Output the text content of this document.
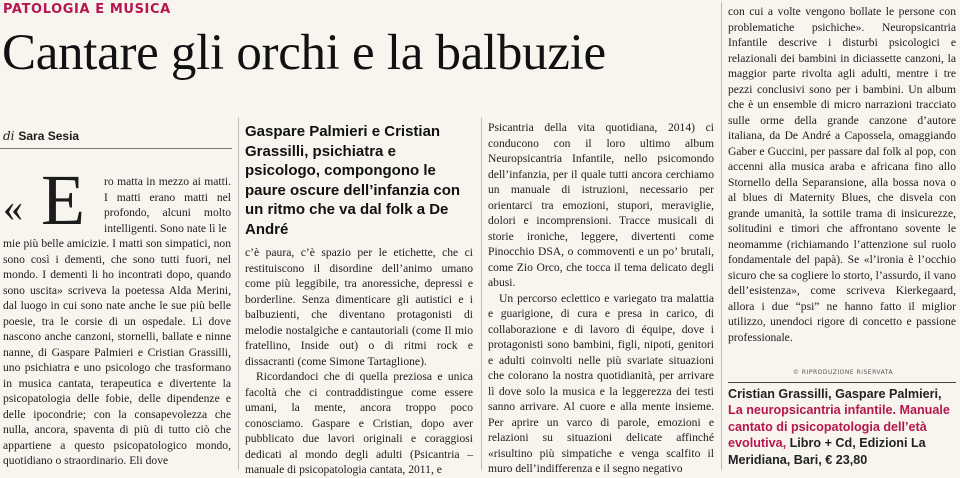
PATOLOGIA E MUSICA
Cantare gli orchi e la balbuzie
di Sara Sesia
« E ro matta in mezzo ai matti. I matti erano matti nel profondo, alcuni molto intelligenti. Sono nate lì le
mie più belle amicizie. I matti son simpatici, non sono così i dementi, che sono tutti fuori, nel mondo. I dementi li ho incontrati dopo, quando sono uscita» scriveva la poetessa Alda Merini, dal luogo in cui sono nate anche le sue più belle poesie, tra le corsie di un ospedale. Lì dove nascono anche canzoni, stornelli, ballate e ninne nanne, di Gaspare Palmieri e Cristian Grassilli, uno psichiatra e uno psicologo che trasformano in musica cantata, terapeutica e divertente la psicopatologia delle fobie, delle dipendenze e delle ipocondrie; con la consapevolezza che nulla, ancora, spaventa di più di tutto ciò che appartiene a questo psicopatologico mondo, quotidiano o straordinario. Eli dove
Gaspare Palmieri e Cristian Grassilli, psichiatra e psicologo, compongono le paure oscure dell’infanzia con un ritmo che va dal folk a De André

c’è paura, c’è spazio per le etichette, che ci restituiscono il disordine dell’animo umano come più leggibile, tra anoressiche, depressi e borderline. Senza dimenticare gli autistici e i balbuzienti, che diventano protagonisti di melodie nostalgiche e cantautoriali (come Il mio fratellino, Inside out) o di ritmi rock e dissacranti (come Simone Tartaglione).

Ricordandoci che di quella preziosa e unica facoltà che ci contraddistingue come essere umani, la mente, ancora troppo poco conosciamo. Gaspare e Cristian, dopo aver pubblicato due lavori originali e coraggiosi dedicati al mondo degli adulti (Psicantria – manuale di psicopatologia cantata, 2011, e

Psicantria della vita quotidiana, 2014) ci conducono con il loro ultimo album Neuropsicantria Infantile, nello psicomondo dell’infanzia, per il quale tutti ancora cerchiamo un manuale di istruzioni, necessario per orientarci tra emozioni, stupori, meraviglie, dolori e incomprensioni. Tracce musicali di storie ironiche, leggere, divertenti come Pinocchio DSA, o commoventi e un po’ brutali, come Zio Orco, che tocca il tema delicato degli abusi.

Un percorso eclettico e variegato tra malattia e guarigione, di cura e presa in carico, di collaborazione e di lavoro di équipe, dove i protagonisti sono bambini, figli, nipoti, genitori e adulti coinvolti nelle più svariate situazioni che colorano la nostra quotidianità, per arrivare lì dove solo la musica e la leggerezza dei testi sanno arrivare. Al cuore e alla mente insieme. Per aprire un varco di parole, emozioni e relazioni su situazioni delicate affinché «risultino più simpatiche e venga scalfito il muro dell’indifferenza e il segno negativo

con cui a volte vengono bollate le persone con problematiche psichiche». Neuropsicantria Infantile descrive i disturbi psicologici e relazionali dei bambini in diciassette canzoni, la maggior parte rivolta agli adulti, mentre i tre pezzi conclusivi sono per i bambini. Un album che è un ensemble di micro narrazioni tracciato sulle orme della grande canzone d’autore italiana, da De André a Capossela, omaggiando Gaber e Guccini, per passare dal folk al pop, con accenni alla musica araba e africana fino allo Stornello della Separansione, alla bossa nova o al blues di Maternity Blues, che disvela con grande umanità, la sottile trama di insicurezze, solitudini e timori che affrontano sovente le neomamme (richiamando l’attenzione sul ruolo fondamentale del papà). Se «l’ironia è l’occhio sicuro che sa cogliere lo storto, l’assurdo, il vano dell’esistenza», come scriveva Kierkegaard, allora i due “psi” ne hanno fatto il miglior utilizzo, unendoci rigore di concetto e passione professionale.

© RIPRODUZIONE RISERVATA
Cristian Grassilli, Gaspare Palmieri, La neuropsicantria infantile. Manuale cantato di psicopatologia dell’età evolutiva, Libro + Cd, Edizioni La Meridiana, Bari, € 23,80
